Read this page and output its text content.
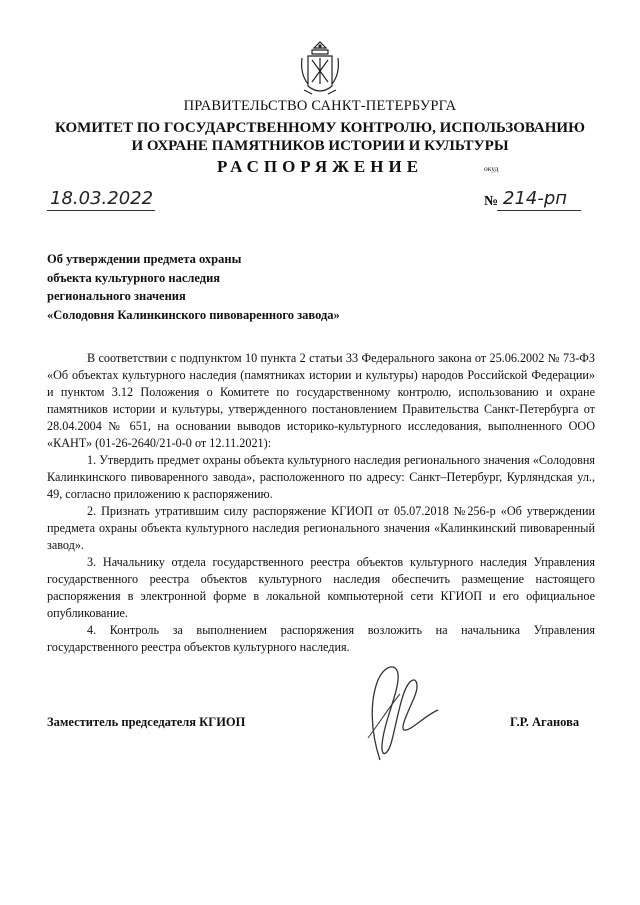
ПРАВИТЕЛЬСТВО САНКТ-ПЕТЕРБУРГА
КОМИТЕТ ПО ГОСУДАРСТВЕННОМУ КОНТРОЛЮ, ИСПОЛЬЗОВАНИЮ
И ОХРАНЕ ПАМЯТНИКОВ ИСТОРИИ И КУЛЬТУРЫ
РАСПОРЯЖЕНИЕ	окуд
18.03.2022	№ 214-рп
Об утверждении предмета охраны
объекта культурного наследия
регионального значения
«Солодовня Калинкинского пивоваренного завода»

В соответствии с подпунктом 10 пункта 2 статьи 33 Федерального закона от 25.06.2002 № 73-ФЗ «Об объектах культурного наследия (памятниках истории и культуры) народов Российской Федерации» и пунктом 3.12 Положения о Комитете по государственному контролю, использованию и охране памятников истории и культуры, утвержденного постановлением Правительства Санкт-Петербурга от 28.04.2004 № 651, на основании выводов историко-культурного исследования, выполненного ООО «КАНТ» (01-26-2640/21-0-0 от 12.11.2021):

1. Утвердить предмет охраны объекта культурного наследия регионального значения «Солодовня Калинкинского пивоваренного завода», расположенного по адресу: Санкт–Петербург, Курляндская ул., 49, согласно приложению к распоряжению.

2. Признать утратившим силу распоряжение КГИОП от 05.07.2018 №256-р «Об утверждении предмета охраны объекта культурного наследия регионального значения «Калинкинский пивоваренный завод».

3. Начальнику отдела государственного реестра объектов культурного наследия Управления государственного реестра объектов культурного наследия обеспечить размещение настоящего распоряжения в электронной форме в локальной компьютерной сети КГИОП и его официальное опубликование.

4. Контроль за выполнением распоряжения возложить на начальника Управления государственного реестра объектов культурного наследия.

Заместитель председателя КГИОП	Г.Р. Аганова
